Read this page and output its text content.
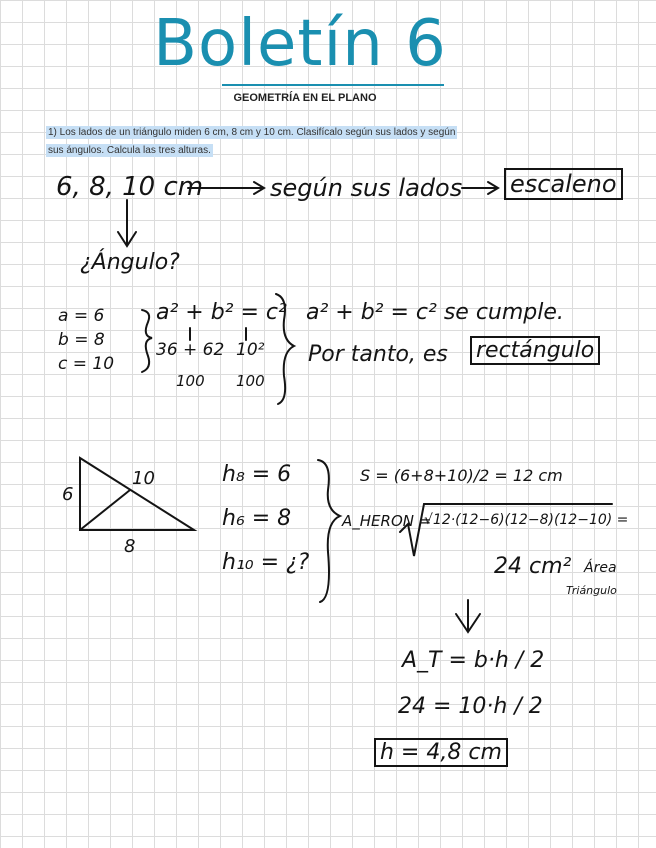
Boletín 6
GEOMETRÍA EN EL PLANO
1) Los lados de un triángulo miden 6 cm, 8 cm y 10 cm. Clasifícalo según sus lados y según
sus ángulos. Calcula las tres alturas.
6, 8, 10 cm	según sus lados escaleno
¿Ángulo?
a = 6
b = 8
c = 10
a² + b² = c²
36 + 62 10²
100 100
a² + b² = c² se cumple.
Por tanto, es rectángulo
10
6
8
h₈ = 6
h₆ = 8
h₁₀ = ¿?
S = (6+8+10)/2 = 12 cm
A_HERON =
√12·(12−6)(12−8)(12−10) =
24 cm² Área
Triángulo
A_T = b·h / 2
24 = 10·h / 2
h = 4,8 cm
